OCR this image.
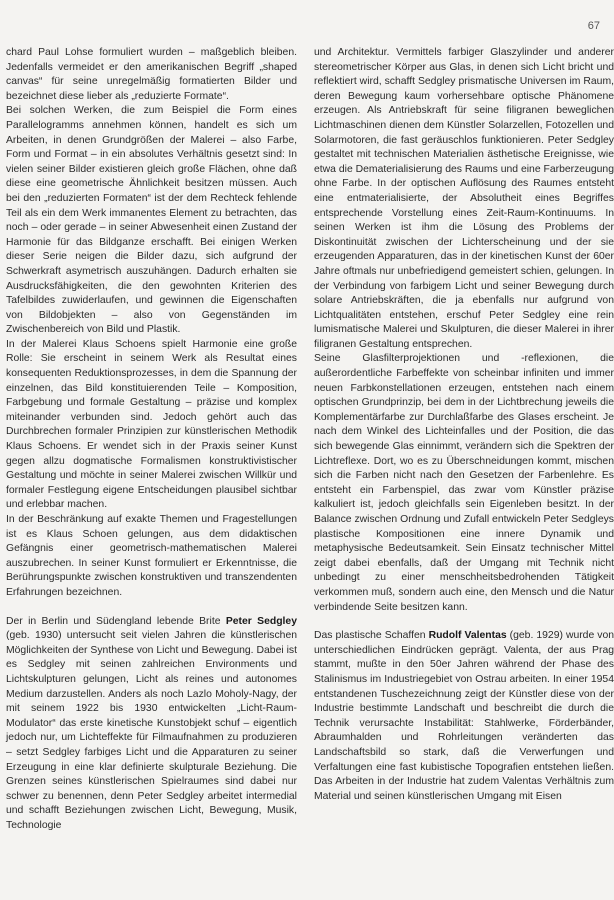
67

chard Paul Lohse formuliert wurden – maßgeblich bleiben. Jedenfalls vermeidet er den amerikanischen Begriff „shaped canvas“ für seine unregelmäßig formatierten Bilder und bezeichnet diese lieber als „reduzierte Formate“.

Bei solchen Werken, die zum Beispiel die Form eines Parallelogramms annehmen können, handelt es sich um Arbeiten, in denen Grundgrößen der Malerei – also Farbe, Form und Format – in ein absolutes Verhältnis gesetzt sind: In vielen seiner Bilder existieren gleich große Flächen, ohne daß diese eine geometrische Ähnlichkeit besitzen müssen. Auch bei den „reduzierten Formaten“ ist der dem Rechteck fehlende Teil als ein dem Werk immanentes Element zu betrachten, das noch – oder gerade – in seiner Abwesenheit einen Zustand der Harmonie für das Bildganze erschafft. Bei einigen Werken dieser Serie neigen die Bilder dazu, sich aufgrund der Schwerkraft asymetrisch auszuhängen. Dadurch erhalten sie Ausdrucksfähigkeiten, die den gewohnten Kriterien des Tafelbildes zuwiderlaufen, und gewinnen die Eigenschaften von Bildobjekten – also von Gegenständen im Zwischenbereich von Bild und Plastik.

In der Malerei Klaus Schoens spielt Harmonie eine große Rolle: Sie erscheint in seinem Werk als Resultat eines konsequenten Reduktionsprozesses, in dem die Spannung der einzelnen, das Bild konstituierenden Teile – Komposition, Farbgebung und formale Gestaltung – präzise und komplex miteinander verbunden sind. Jedoch gehört auch das Durchbrechen formaler Prinzipien zur künstlerischen Methodik Klaus Schoens. Er wendet sich in der Praxis seiner Kunst gegen allzu dogmatische Formalismen konstruktivistischer Gestaltung und möchte in seiner Malerei zwischen Willkür und formaler Festlegung eigene Entscheidungen plausibel sichtbar und erlebbar machen.

In der Beschränkung auf exakte Themen und Fragestellungen ist es Klaus Schoen gelungen, aus dem didaktischen Gefängnis einer geometrisch-mathematischen Malerei auszubrechen. In seiner Kunst formuliert er Erkenntnisse, die Berührungspunkte zwischen konstruktiven und transzendenten Erfahrungen bezeichnen.

Der in Berlin und Südengland lebende Brite Peter Sedgley (geb. 1930) untersucht seit vielen Jahren die künstlerischen Möglichkeiten der Synthese von Licht und Bewegung. Dabei ist es Sedgley mit seinen zahlreichen Environments und Lichtskulpturen gelungen, Licht als reines und autonomes Medium darzustellen. Anders als noch Lazlo Moholy-Nagy, der mit seinem 1922 bis 1930 entwickelten „Licht-Raum-Modulator“ das erste kinetische Kunstobjekt schuf – eigentlich jedoch nur, um Lichteffekte für Filmaufnahmen zu produzieren – setzt Sedgley farbiges Licht und die Apparaturen zu seiner Erzeugung in eine klar definierte skulpturale Beziehung. Die Grenzen seines künstlerischen Spielraumes sind dabei nur schwer zu benennen, denn Peter Sedgley arbeitet intermedial und schafft Beziehungen zwischen Licht, Bewegung, Musik, Technologie

und Architektur. Vermittels farbiger Glaszylinder und anderer stereometrischer Körper aus Glas, in denen sich Licht bricht und reflektiert wird, schafft Sedgley prismatische Universen im Raum, deren Bewegung kaum vorhersehbare optische Phänomene erzeugen. Als Antriebskraft für seine filigranen beweglichen Lichtmaschinen dienen dem Künstler Solarzellen, Fotozellen und Solarmotoren, die fast geräuschlos funktionieren. Peter Sedgley gestaltet mit technischen Materialien ästhetische Ereignisse, wie etwa die Dematerialisierung des Raums und eine Farberzeugung ohne Farbe. In der optischen Auflösung des Raumes entsteht eine entmaterialisierte, der Absolutheit eines Begriffes entsprechende Vorstellung eines Zeit-Raum-Kontinuums. In seinen Werken ist ihm die Lösung des Problems der Diskontinuität zwischen der Lichterscheinung und der sie erzeugenden Apparaturen, das in der kinetischen Kunst der 60er Jahre oftmals nur unbefriedigend gemeistert schien, gelungen. In der Verbindung von farbigem Licht und seiner Bewegung durch solare Antriebskräften, die ja ebenfalls nur aufgrund von Lichtqualitäten entstehen, erschuf Peter Sedgley eine rein lumismatische Malerei und Skulpturen, die dieser Malerei in ihrer filigranen Gestaltung entsprechen.

Seine Glasfilterprojektionen und -reflexionen, die außerordentliche Farbeffekte von scheinbar infiniten und immer neuen Farbkonstellationen erzeugen, entstehen nach einem optischen Grundprinzip, bei dem in der Lichtbrechung jeweils die Komplementärfarbe zur Durchlaßfarbe des Glases erscheint. Je nach dem Winkel des Lichteinfalles und der Position, die das sich bewegende Glas einnimmt, verändern sich die Spektren der Lichtreflexe. Dort, wo es zu Überschneidungen kommt, mischen sich die Farben nicht nach den Gesetzen der Farbenlehre. Es entsteht ein Farbenspiel, das zwar vom Künstler präzise kalkuliert ist, jedoch gleichfalls sein Eigenleben besitzt. In der Balance zwischen Ordnung und Zufall entwickeln Peter Sedgleys plastische Kompositionen eine innere Dynamik und metaphysische Bedeutsamkeit. Sein Einsatz technischer Mittel zeigt dabei ebenfalls, daß der Umgang mit Technik nicht unbedingt zu einer menschheitsbedrohenden Tätigkeit verkommen muß, sondern auch eine, den Mensch und die Natur verbindende Seite besitzen kann.

Das plastische Schaffen Rudolf Valentas (geb. 1929) wurde von unterschiedlichen Eindrücken geprägt. Valenta, der aus Prag stammt, mußte in den 50er Jahren während der Phase des Stalinismus im Industriegebiet von Ostrau arbeiten. In einer 1954 entstandenen Tuschezeichnung zeigt der Künstler diese von der Industrie bestimmte Landschaft und beschreibt die durch die Technik verursachte Instabilität: Stahlwerke, Förderbänder, Abraumhalden und Rohrleitungen veränderten das Landschaftsbild so stark, daß die Verwerfungen und Verfaltungen eine fast kubistische Topografien entstehen ließen. Das Arbeiten in der Industrie hat zudem Valentas Verhältnis zum Material und seinen künstlerischen Umgang mit Eisen
